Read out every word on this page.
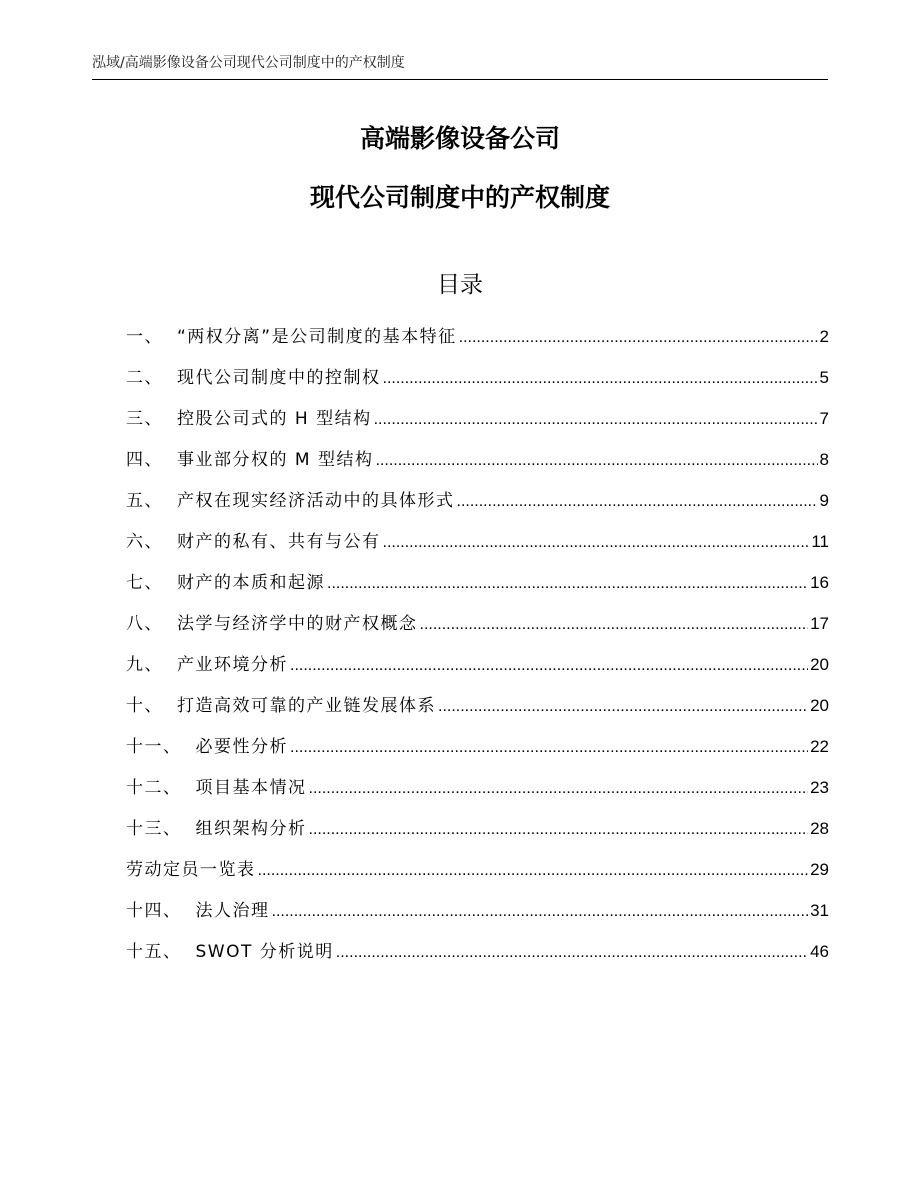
泓域/高端影像设备公司现代公司制度中的产权制度
高端影像设备公司
现代公司制度中的产权制度
目录
一、 “两权分离”是公司制度的基本特征 .....	2
二、 现代公司制度中的控制权 .....	5
三、 控股公司式的 H 型结构 .....	7
四、 事业部分权的 M 型结构 .....	8
五、 产权在现实经济活动中的具体形式 .....	9
六、 财产的私有、共有与公有 .....	11
七、 财产的本质和起源 .....	16
八、 法学与经济学中的财产权概念 .....	17
九、 产业环境分析 .....	20
十、 打造高效可靠的产业链发展体系 .....	20
十一、 必要性分析 .....	22
十二、 项目基本情况 .....	23
十三、 组织架构分析 .....	28
劳动定员一览表 .....	29
十四、 法人治理 .....	31
十五、 SWOT 分析说明 .....	46
